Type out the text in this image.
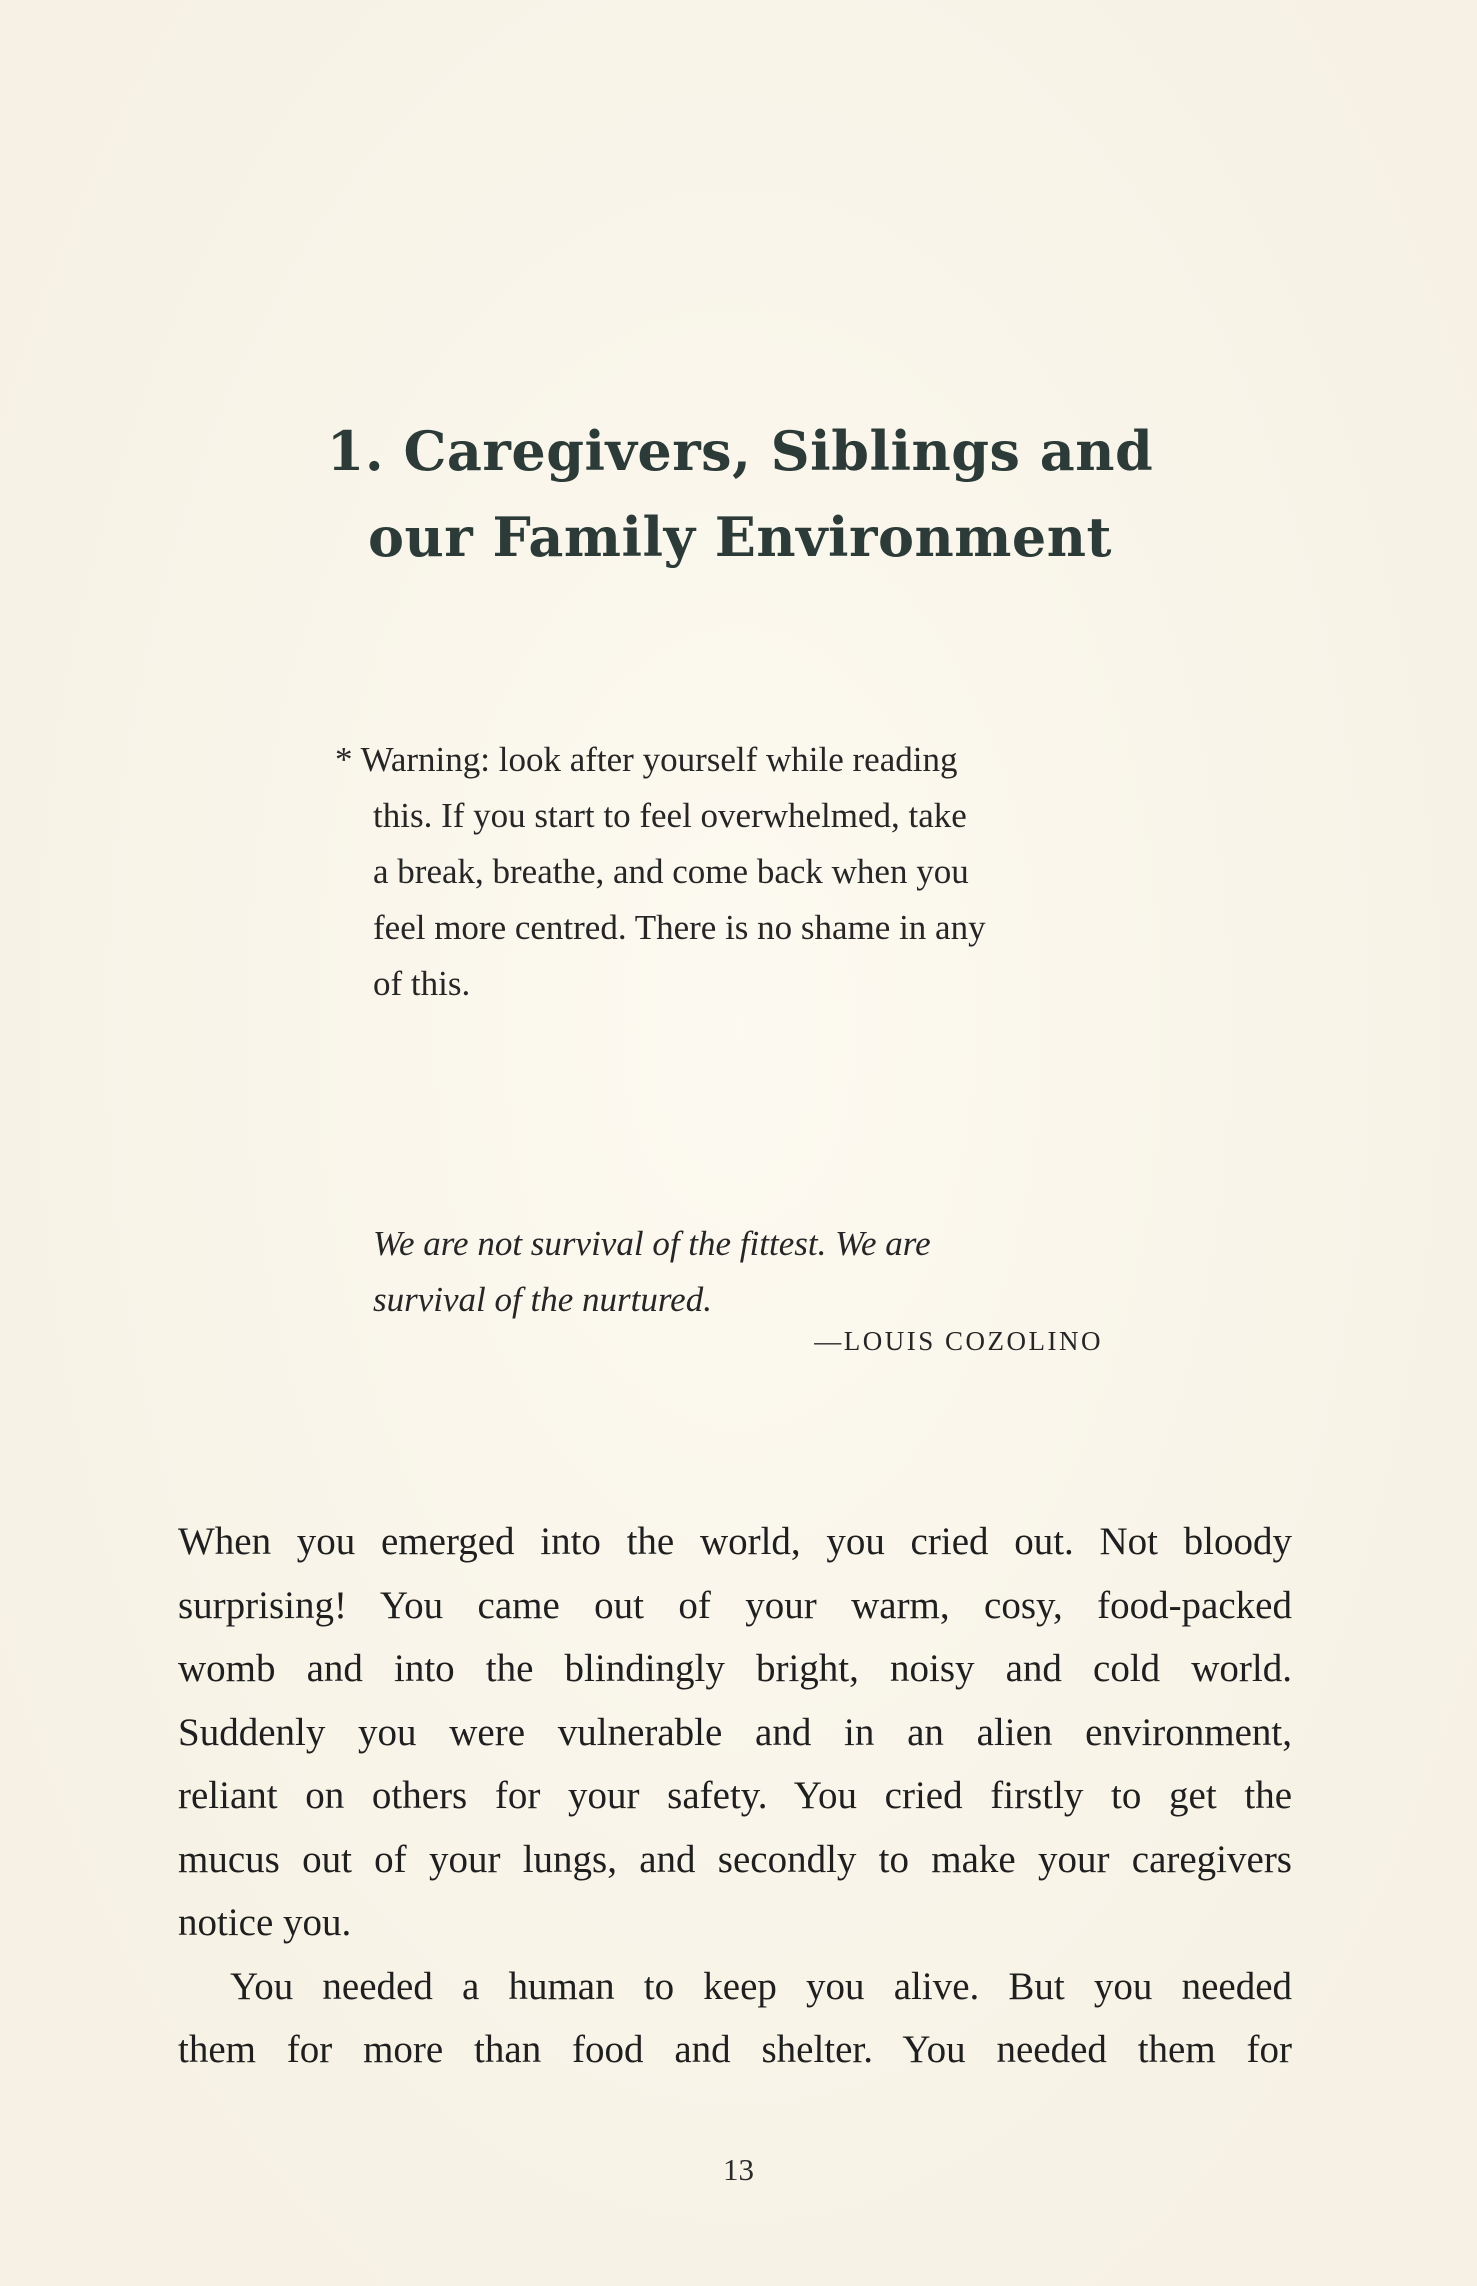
1. Caregivers, Siblings and
our Family Environment
* Warning: look after yourself while reading
this. If you start to feel overwhelmed, take
a break, breathe, and come back when you
feel more centred. There is no shame in any
of this.
We are not survival of the fittest. We are
survival of the nurtured.
—LOUIS COZOLINO
When you emerged into the world, you cried out. Not bloody
surprising! You came out of your warm, cosy, food-packed
womb and into the blindingly bright, noisy and cold world.
Suddenly you were vulnerable and in an alien environment,
reliant on others for your safety. You cried firstly to get the
mucus out of your lungs, and secondly to make your caregivers
notice you.
You needed a human to keep you alive. But you needed
them for more than food and shelter. You needed them for
13
